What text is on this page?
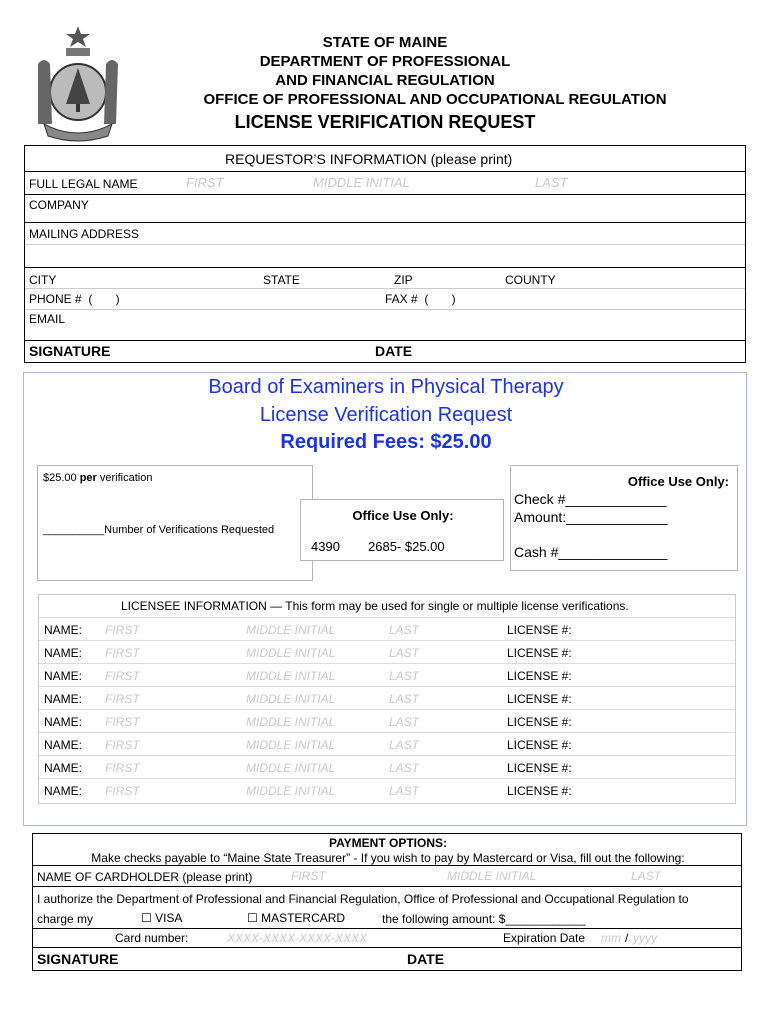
STATE OF MAINE
DEPARTMENT OF PROFESSIONAL
AND FINANCIAL REGULATION
OFFICE OF PROFESSIONAL AND OCCUPATIONAL REGULATION
LICENSE VERIFICATION REQUEST
REQUESTOR’S INFORMATION (please print)
FULL LEGAL NAME	FIRST	MIDDLE INITIAL	LAST
COMPANY
MAILING ADDRESS
CITY	STATE	ZIP	COUNTY
PHONE #  (       )	FAX #  (       )
EMAIL
SIGNATURE	DATE
Board of Examiners in Physical Therapy
License Verification Request
Required Fees: $25.00
$25.00 per verification
__________Number of Verifications Requested
Office Use Only:
4390 2685- $25.00
Office Use Only:
Check #_____________
Amount:_____________
Cash #______________
LICENSEE INFORMATION — This form may be used for single or multiple license verifications.
NAME: FIRST	MIDDLE INITIAL	LAST	LICENSE #:
NAME: FIRST	MIDDLE INITIAL	LAST	LICENSE #:
NAME: FIRST	MIDDLE INITIAL	LAST	LICENSE #:
NAME: FIRST	MIDDLE INITIAL	LAST	LICENSE #:
NAME: FIRST	MIDDLE INITIAL	LAST	LICENSE #:
NAME: FIRST	MIDDLE INITIAL	LAST	LICENSE #:
NAME: FIRST	MIDDLE INITIAL	LAST	LICENSE #:
NAME: FIRST	MIDDLE INITIAL	LAST	LICENSE #:
PAYMENT OPTIONS:
Make checks payable to “Maine State Treasurer” - If you wish to pay by Mastercard or Visa, fill out the following:
NAME OF CARDHOLDER (please print)	FIRST	MIDDLE INITIAL	LAST
I authorize the Department of Professional and Financial Regulation, Office of Professional and Occupational Regulation to
charge my	☐ VISA	☐ MASTERCARD	the following amount: $____________
Card number:	XXXX-XXXX-XXXX-XXXX	Expiration Date mm / yyyy
SIGNATURE	DATE
